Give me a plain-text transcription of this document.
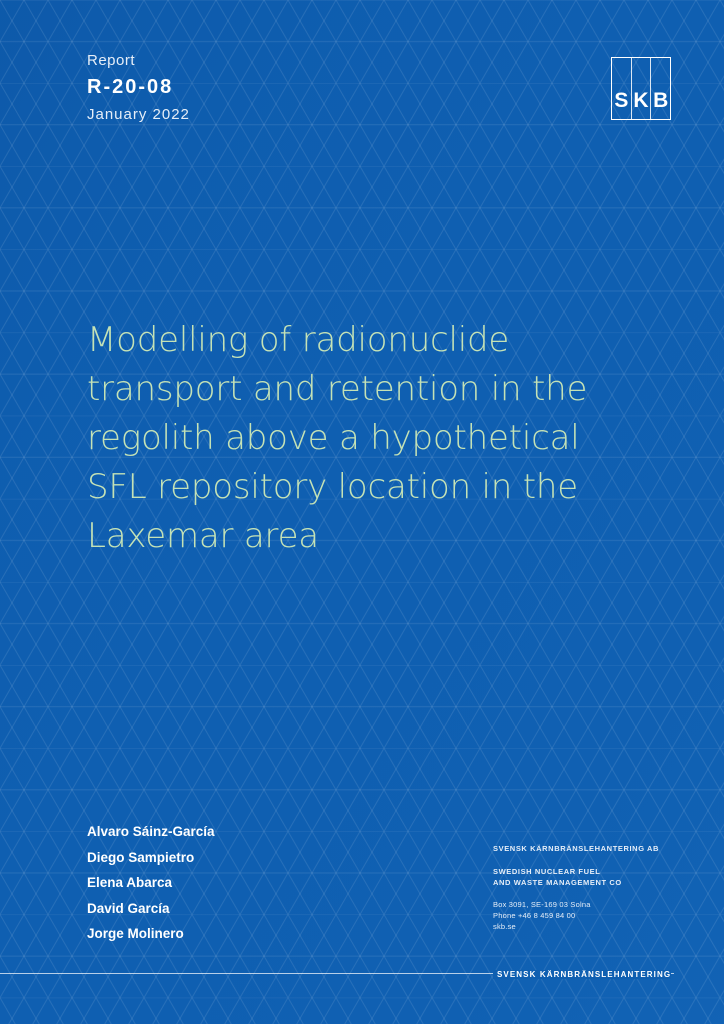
Report
R-20-08
January 2022
S K B
Modelling of radionuclide
transport and retention in the
regolith above a hypothetical
SFL repository location in the
Laxemar area
Alvaro Sáinz-García
Diego Sampietro
Elena Abarca
David García
Jorge Molinero
SVENSK KÄRNBRÄNSLEHANTERING AB
SWEDISH NUCLEAR FUEL
AND WASTE MANAGEMENT CO
Box 3091, SE-169 03 Solna
Phone +46 8 459 84 00
skb.se
SVENSK KÄRNBRÄNSLEHANTERING
